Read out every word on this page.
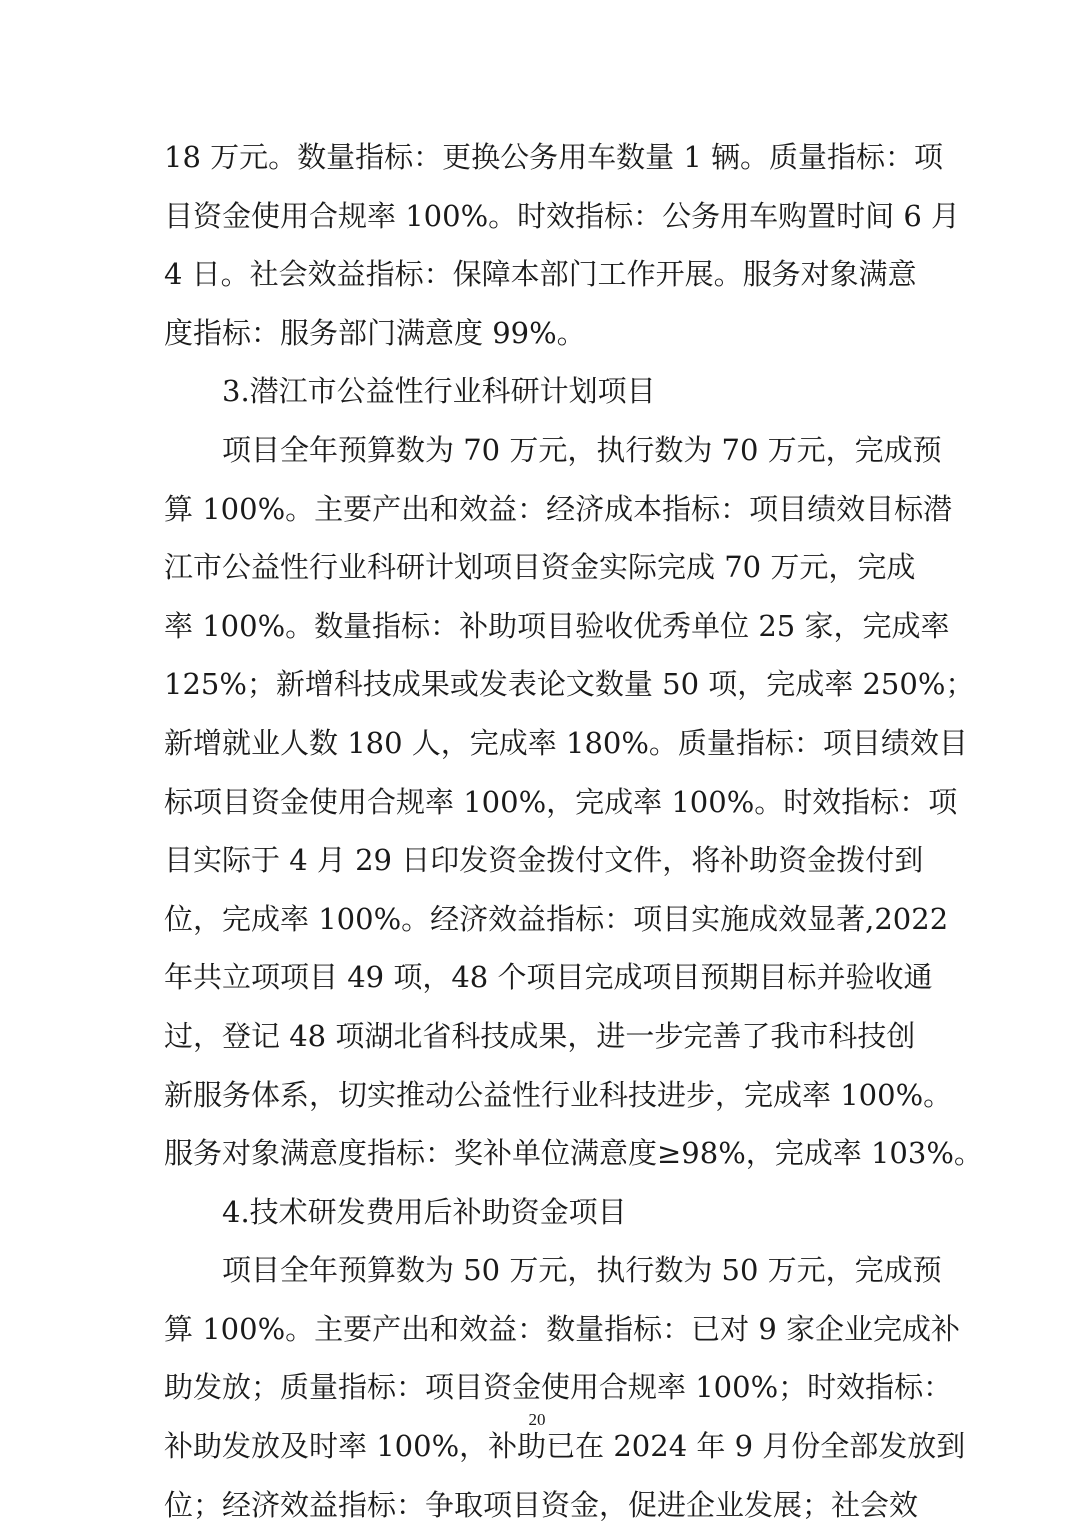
18 万元。数量指标：更换公务用车数量 1 辆。质量指标：项
目资金使用合规率 100%。时效指标：公务用车购置时间 6 月
4 日。社会效益指标：保障本部门工作开展。服务对象满意
度指标：服务部门满意度 99%。
3.潜江市公益性行业科研计划项目
项目全年预算数为 70 万元，执行数为 70 万元，完成预
算 100%。主要产出和效益：经济成本指标：项目绩效目标潜
江市公益性行业科研计划项目资金实际完成 70 万元，完成
率 100%。数量指标：补助项目验收优秀单位 25 家，完成率
125%；新增科技成果或发表论文数量 50 项，完成率 250%；
新增就业人数 180 人，完成率 180%。质量指标：项目绩效目
标项目资金使用合规率 100%，完成率 100%。时效指标：项
目实际于 4 月 29 日印发资金拨付文件，将补助资金拨付到
位，完成率 100%。经济效益指标：项目实施成效显著,2022
年共立项项目 49 项，48 个项目完成项目预期目标并验收通
过，登记 48 项湖北省科技成果，进一步完善了我市科技创
新服务体系，切实推动公益性行业科技进步，完成率 100%。
服务对象满意度指标：奖补单位满意度≥98%，完成率 103%。
4.技术研发费用后补助资金项目
项目全年预算数为 50 万元，执行数为 50 万元，完成预
算 100%。主要产出和效益：数量指标：已对 9 家企业完成补
助发放；质量指标：项目资金使用合规率 100%；时效指标：
补助发放及时率 100%，补助已在 2024 年 9 月份全部发放到
位；经济效益指标：争取项目资金，促进企业发展；社会效
20
